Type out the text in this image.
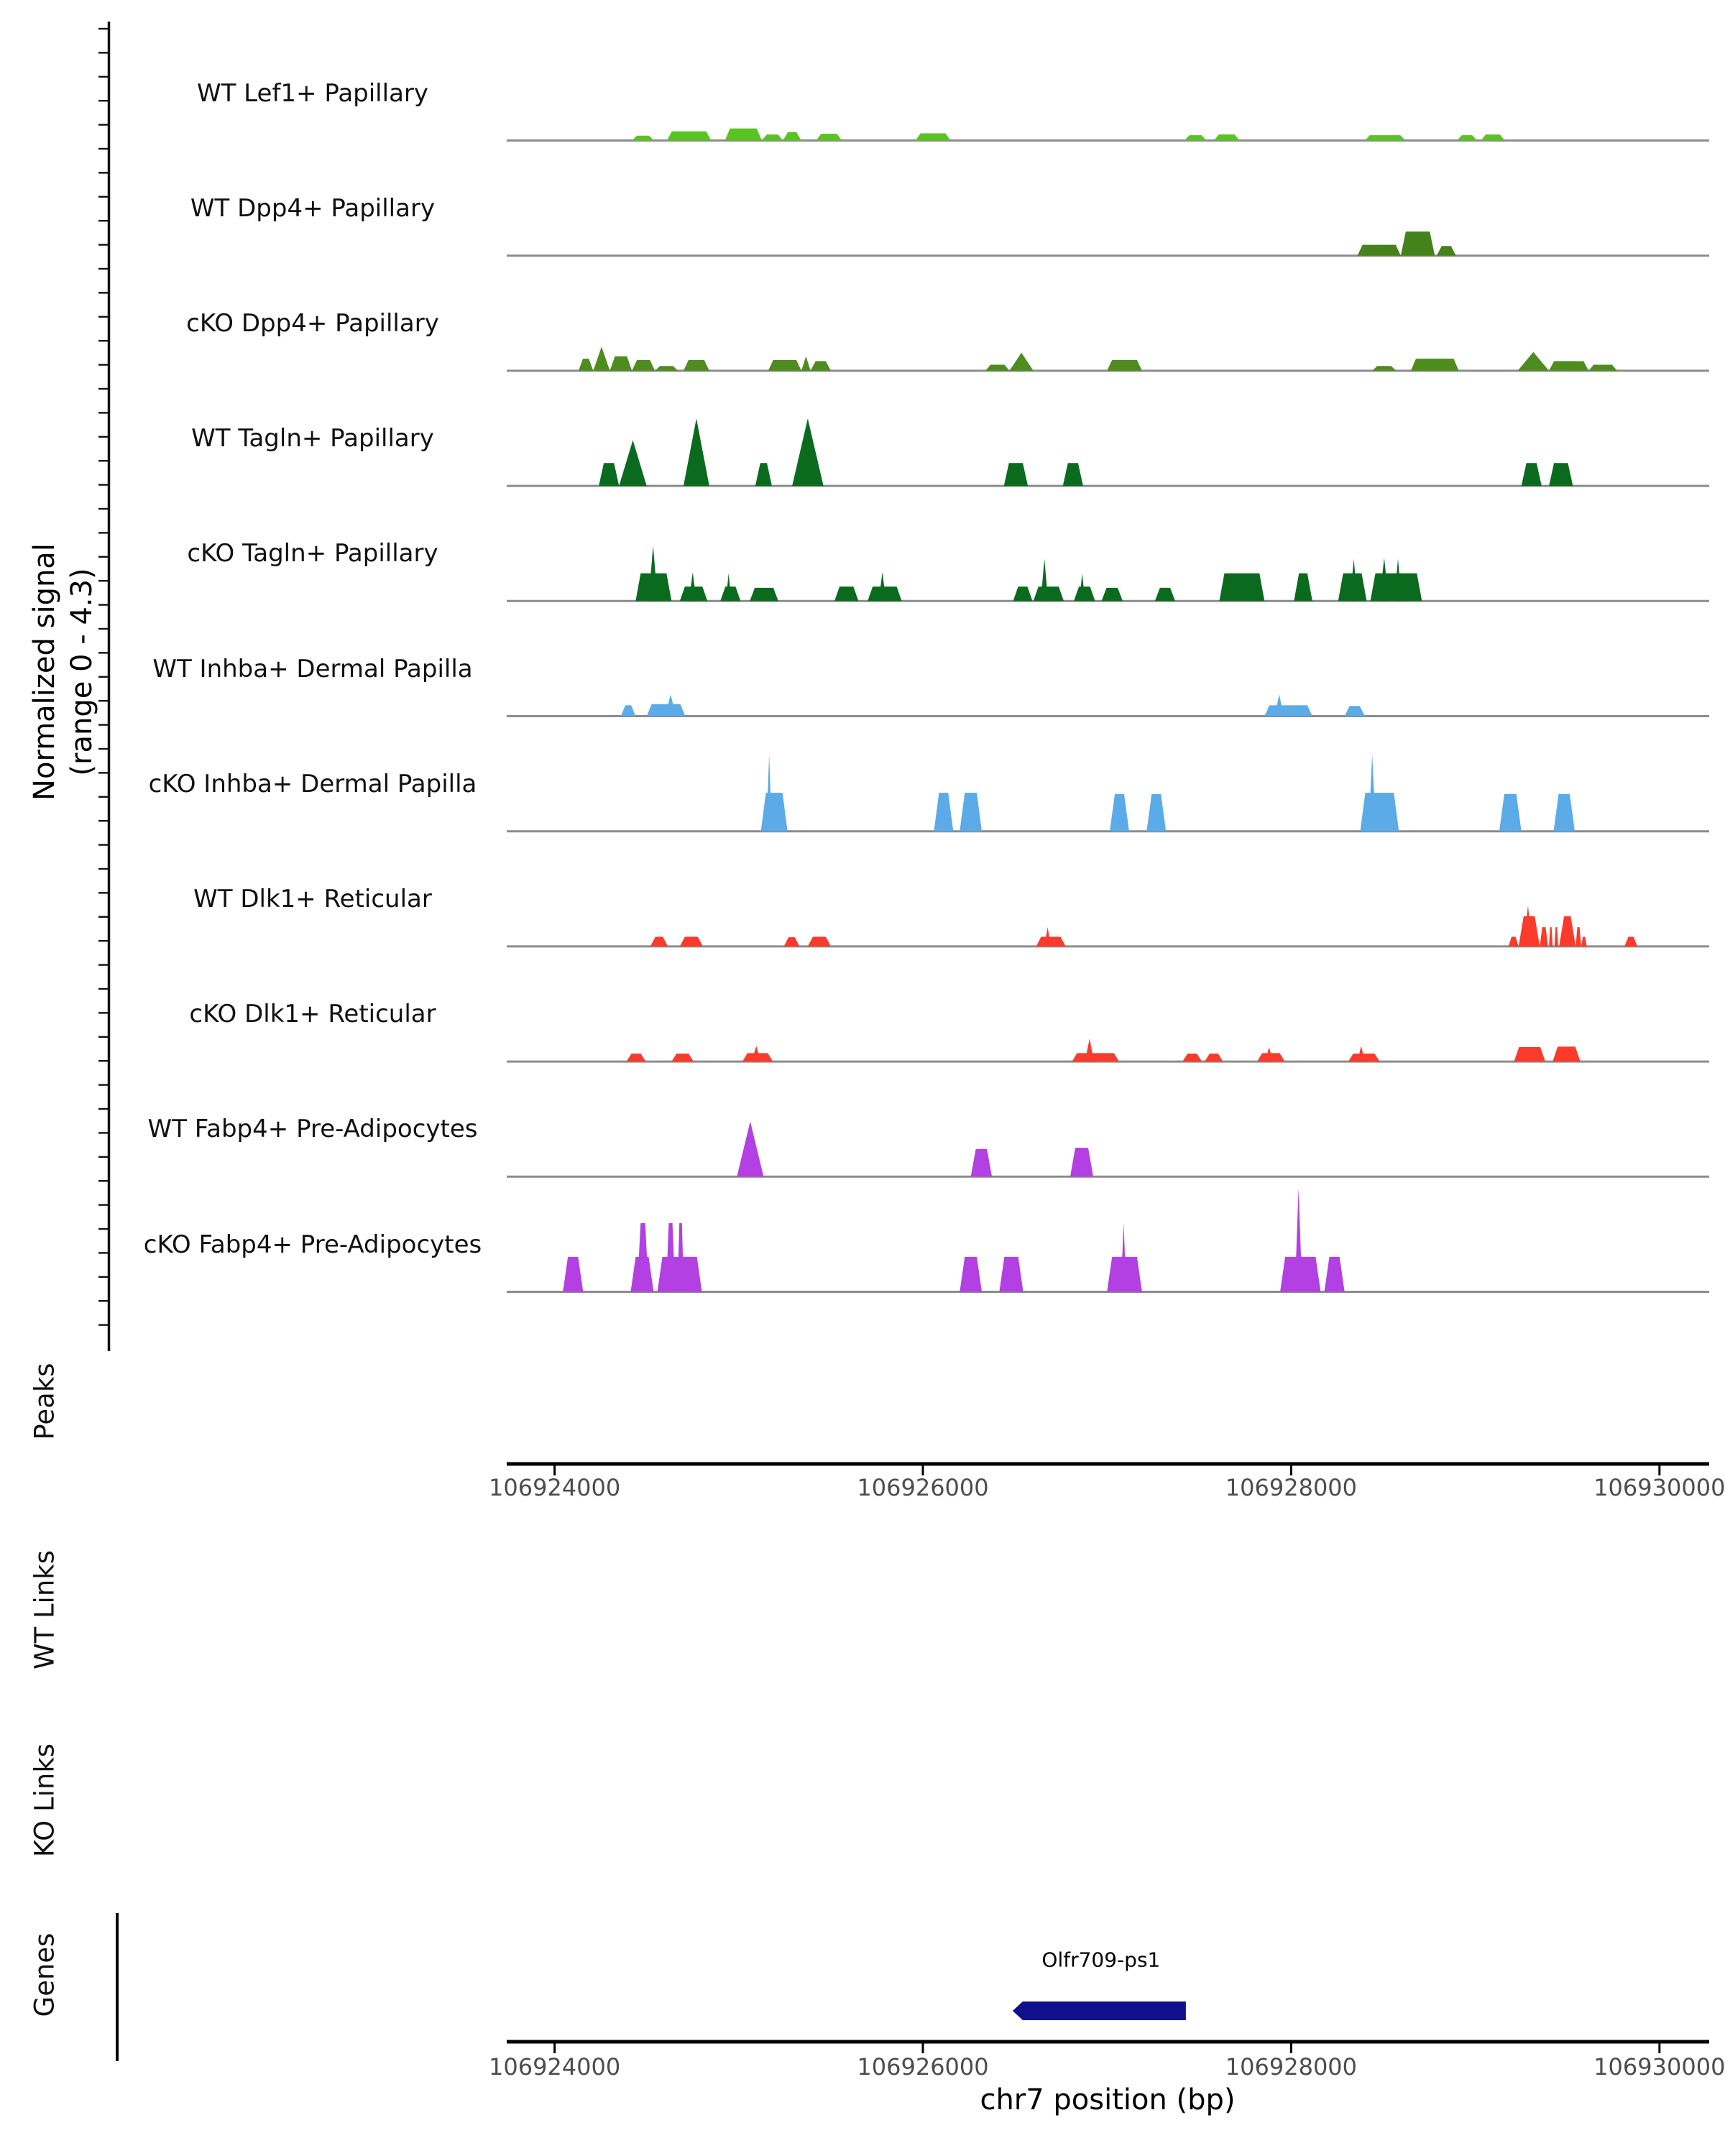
Normalized signal (range 0 - 4.3)
WT Lef1+ Papillary
WT Dpp4+ Papillary
cKO Dpp4+ Papillary
WT Tagln+ Papillary
cKO Tagln+ Papillary
WT Inhba+ Dermal Papilla
cKO Inhba+ Dermal Papilla
WT Dlk1+ Reticular
cKO Dlk1+ Reticular
WT Fabp4+ Pre-Adipocytes
cKO Fabp4+ Pre-Adipocytes
Peaks
WT Links
KO Links
Genes
106924000	106926000	106928000	106930000
106924000	106926000	106928000	106930000
Olfr709-ps1
chr7 position (bp)
